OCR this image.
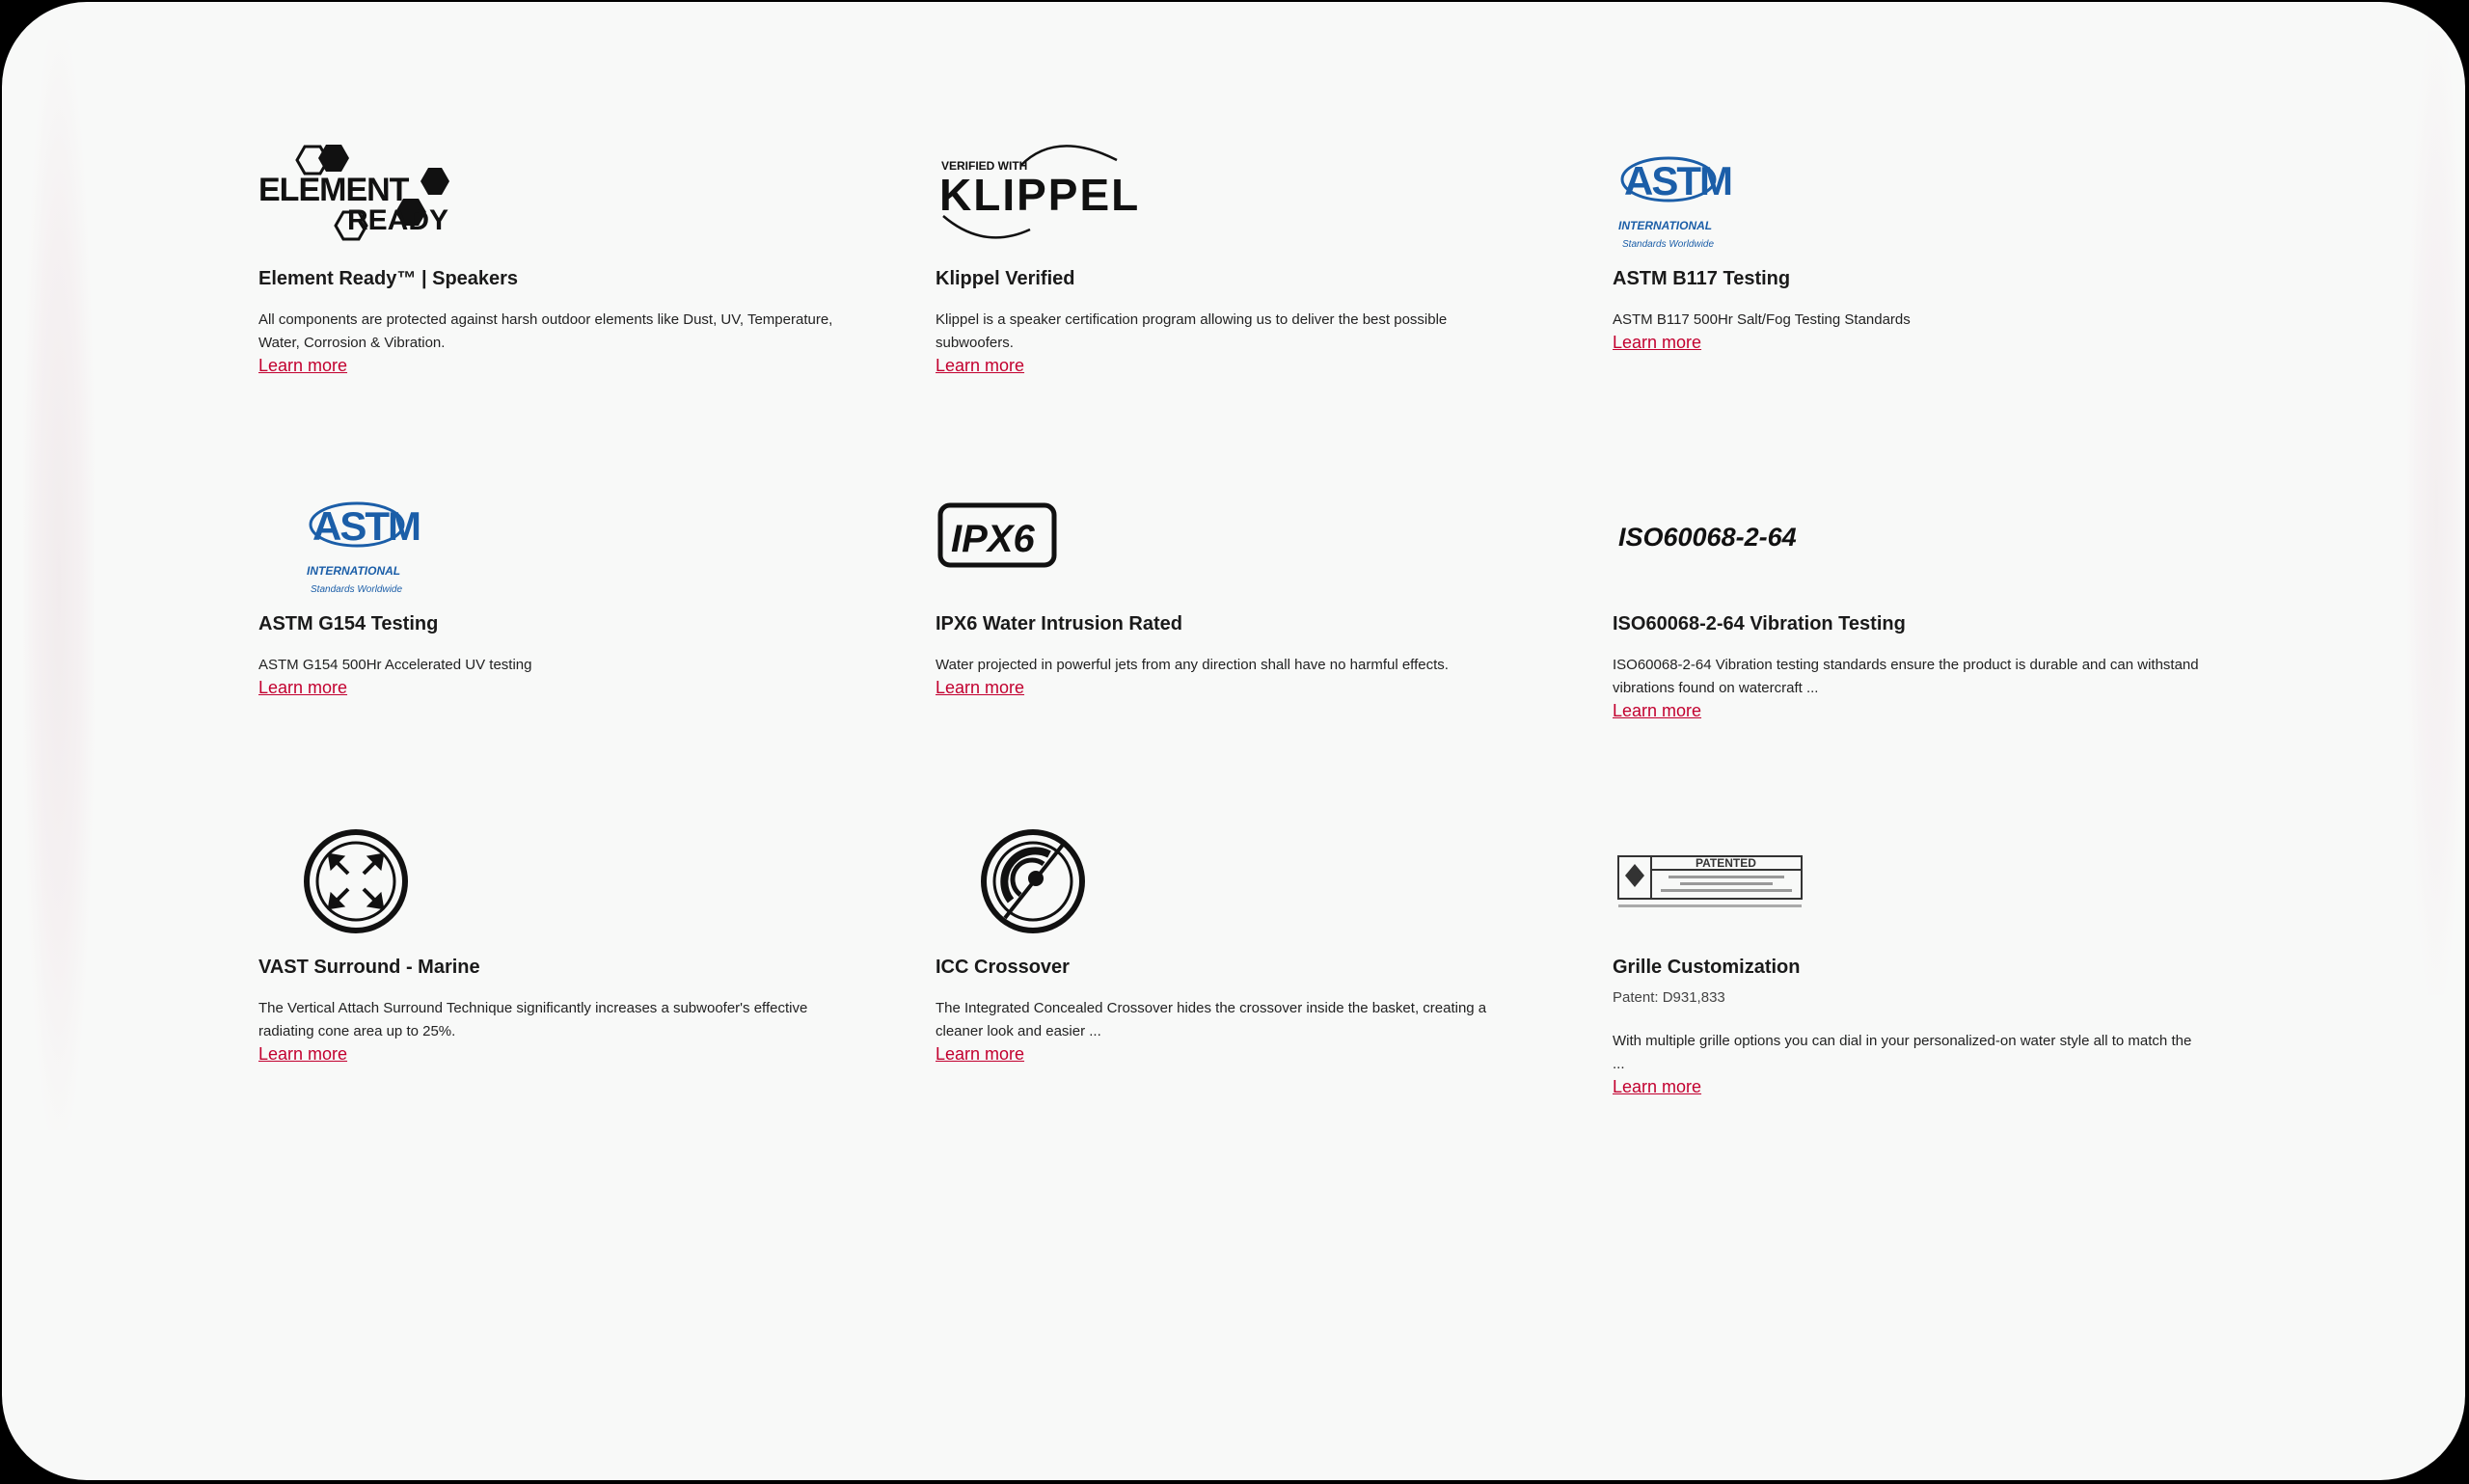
ELEMENT
READY
Element Ready™ | Speakers
All components are protected against harsh outdoor elements like Dust, UV, Temperature, Water, Corrosion & Vibration.
Learn more
VERIFIED WITH
KLIPPEL
Klippel Verified
Klippel is a speaker certification program allowing us to deliver the best possible subwoofers.
Learn more
ASTM
INTERNATIONAL
Standards Worldwide
ASTM B117 Testing
ASTM B117 500Hr Salt/Fog Testing Standards
Learn more
ASTM
INTERNATIONAL
Standards Worldwide
ASTM G154 Testing
ASTM G154 500Hr Accelerated UV testing
Learn more
IPX6
IPX6 Water Intrusion Rated
Water projected in powerful jets from any direction shall have no harmful effects.
Learn more
ISO60068-2-64
ISO60068-2-64 Vibration Testing
ISO60068-2-64 Vibration testing standards ensure the product is durable and can withstand vibrations found on watercraft ...
Learn more
VAST Surround - Marine
The Vertical Attach Surround Technique significantly increases a subwoofer's effective radiating cone area up to 25%.
Learn more
ICC Crossover
The Integrated Concealed Crossover hides the crossover inside the basket, creating a cleaner look and easier ...
Learn more
PATENTED
Grille Customization
Patent: D931,833
With multiple grille options you can dial in your personalized-on water style all to match the ...
Learn more
